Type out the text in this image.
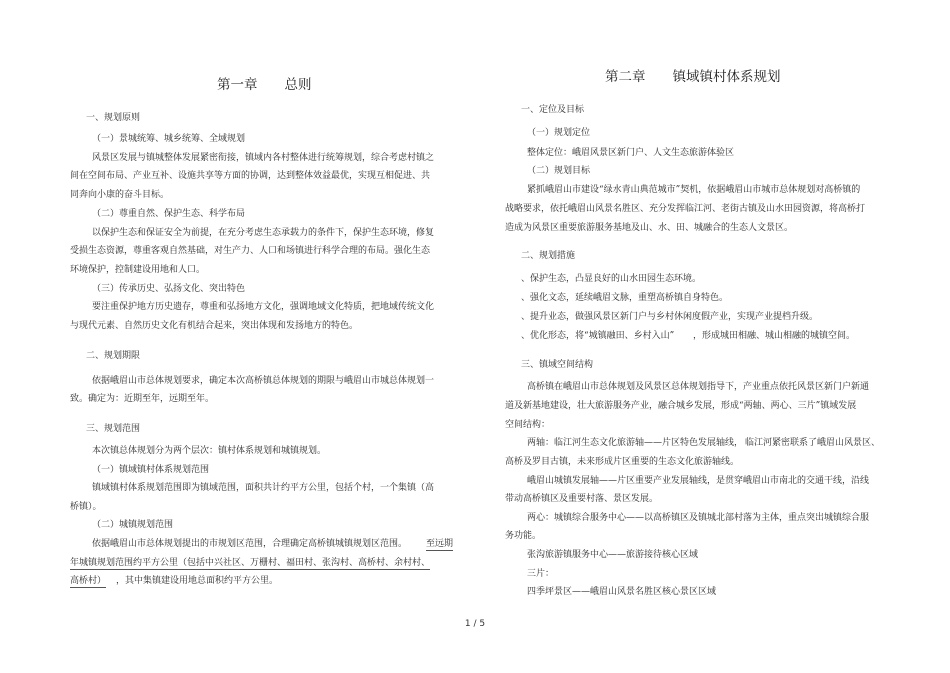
第一章　　总则
一、规划原则
（一）景城统筹、城乡统筹、全域规划
风景区发展与镇城整体发展紧密衔接，镇域内各村整体进行统筹规划，综合考虑村镇之
间在空间布局、产业互补、设施共享等方面的协调，达到整体效益最优，实现互相促进、共
同奔向小康的奋斗目标。
（二）尊重自然、保护生态、科学布局
以保护生态和保证安全为前提，在充分考虑生态承载力的条件下，保护生态环境，修复
受损生态资源，尊重客观自然基础，对生产力、人口和场镇进行科学合理的布局。强化生态
环境保护，控制建设用地和人口。
（三）传承历史、弘扬文化、突出特色
要注重保护地方历史遗存，尊重和弘扬地方文化，强调地域文化特质，把地域传统文化
与现代元素、自然历史文化有机结合起来，突出体现和发扬地方的特色。
二、规划期限
依据峨眉山市总体规划要求，确定本次高桥镇总体规划的期限与峨眉山市城总体规划一
致。确定为：近期至年，远期至年。
三、规划范围
本次镇总体规划分为两个层次：镇村体系规划和城镇规划。
（一）镇域镇村体系规划范围
镇域镇村体系规划范围即为镇域范围，面积共计约平方公里，包括个村，一个集镇（高
桥镇）。
（二）城镇规划范围
依据峨眉山市总体规划提出的市规划区范围，合理确定高桥镇城镇规划区范围。 至远期
年城镇规划范围约平方公里（包括中兴社区、万栅村、福田村、张沟村、高桥村、余村村、
高桥村） ，其中集镇建设用地总面积约平方公里。
第二章　　镇域镇村体系规划
一、定位及目标
（一）规划定位
整体定位：峨眉风景区新门户、人文生态旅游体验区
（二）规划目标
紧抓峨眉山市建设“绿水青山典范城市”契机，依据峨眉山市城市总体规划对高桥镇的
战略要求，依托峨眉山风景名胜区、充分发挥临江河、老街古镇及山水田园资源，将高桥打
造成为风景区重要旅游服务基地及山、水、田、城融合的生态人文景区。
二、规划措施
、保护生态，凸显良好的山水田园生态环境。
、强化文态，延续峨眉文脉，重塑高桥镇自身特色。
、提升业态，做强风景区新门户与乡村休闲度假产业，实现产业提档升级。
、优化形态，将“城镇融田、乡村入山” ，形成城田相融、城山相融的城镇空间。
三、镇域空间结构
高桥镇在峨眉山市总体规划及风景区总体规划指导下，产业重点依托风景区新门户新通
道及新基地建设，壮大旅游服务产业，融合城乡发展，形成“两轴、两心、三片”镇域发展
空间结构：
两轴：临江河生态文化旅游轴——片区特色发展轴线， 临江河紧密联系了峨眉山风景区、
高桥及罗目古镇，未来形成片区重要的生态文化旅游轴线。
峨眉山城镇发展轴——片区重要产业发展轴线，是贯穿峨眉山市南北的交通干线，沿线
带动高桥镇区及重要村落、景区发展。
两心：城镇综合服务中心——以高桥镇区及镇城北部村落为主体，重点突出城镇综合服
务功能。
张沟旅游镇服务中心——旅游接待核心区域
三片：
四季坪景区——峨眉山风景名胜区核心景区区域
1 / 5
